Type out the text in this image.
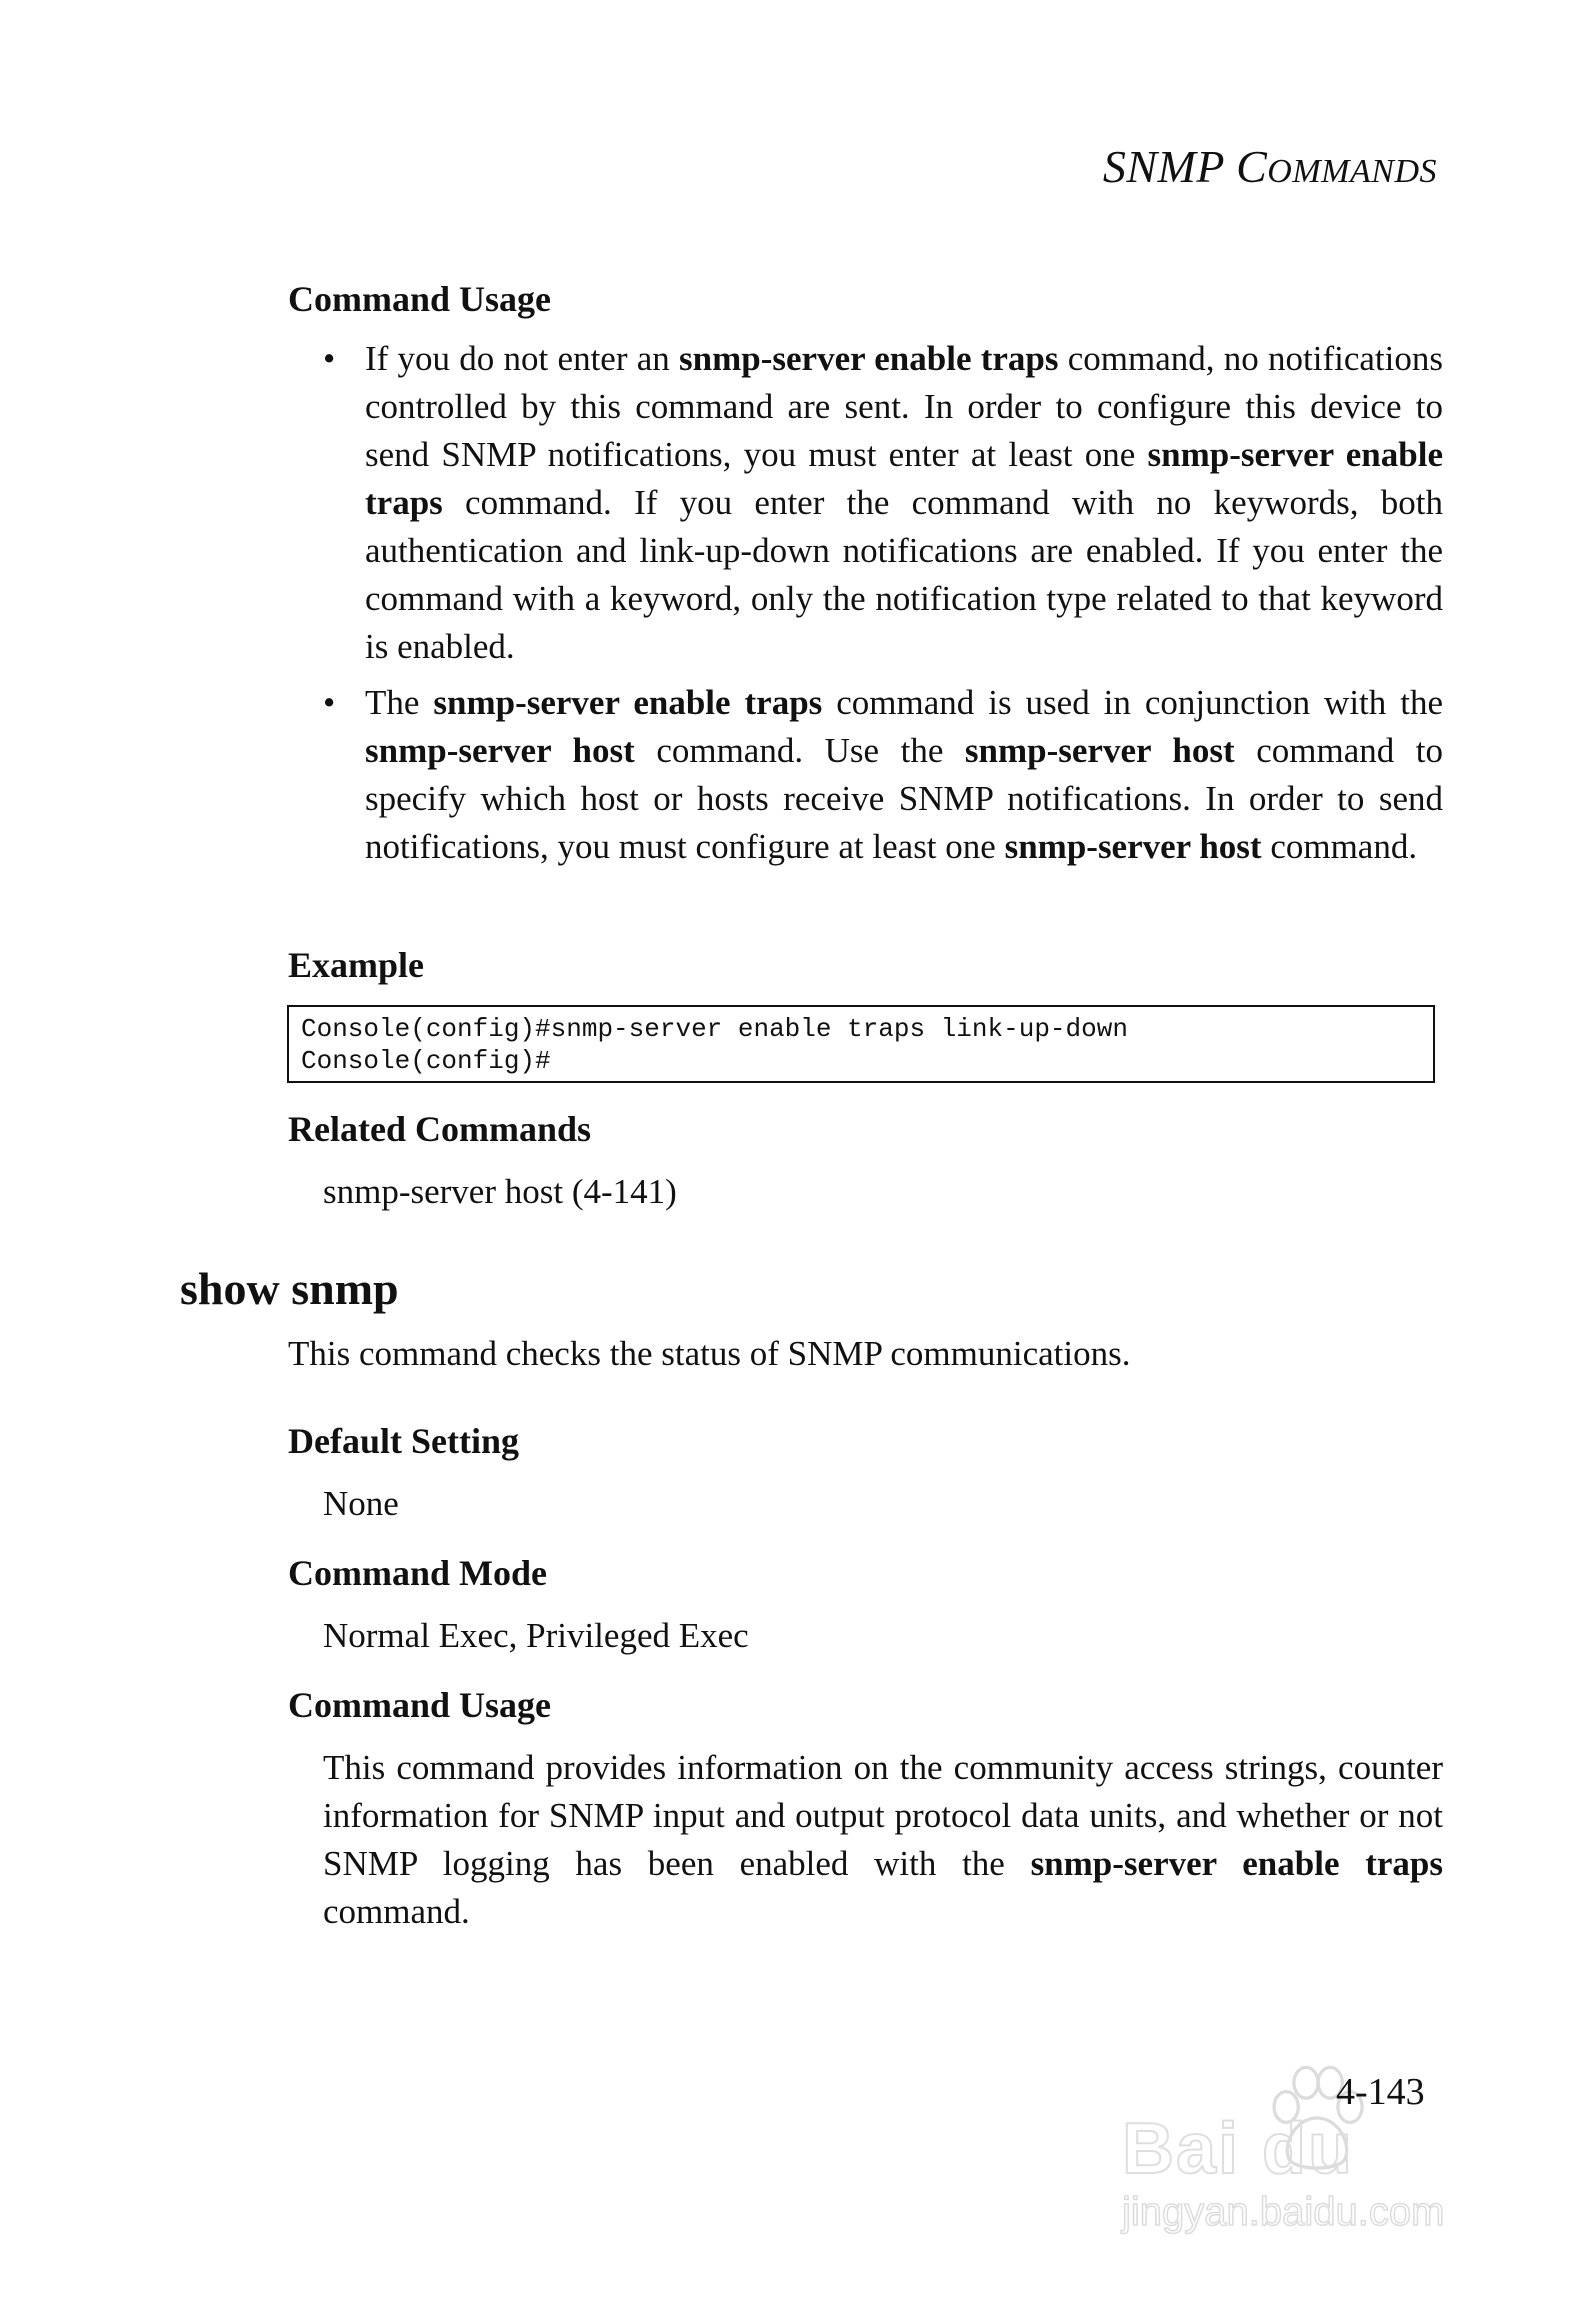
SNMP COMMANDS
Command Usage
• If you do not enter an snmp-server enable traps command, no notifications controlled by this command are sent. In order to configure this device to send SNMP notifications, you must enter at least one snmp-server enable traps command. If you enter the command with no keywords, both authentication and link-up-down notifications are enabled. If you enter the command with a keyword, only the notification type related to that keyword is enabled.
• The snmp-server enable traps command is used in conjunction with the snmp-server host command. Use the snmp-server host command to specify which host or hosts receive SNMP notifications. In order to send notifications, you must configure at least one snmp-server host command.
Example
Console(config)#snmp-server enable traps link-up-down
Console(config)#
Related Commands

snmp-server host (4-141)

show snmp

This command checks the status of SNMP communications.

Default Setting

None

Command Mode

Normal Exec, Privileged Exec

Command Usage

This command provides information on the community access strings, counter information for SNMP input and output protocol data units, and whether or not SNMP logging has been enabled with the snmp-server enable traps command.

Bai du
jingyan.baidu.com
4-143
